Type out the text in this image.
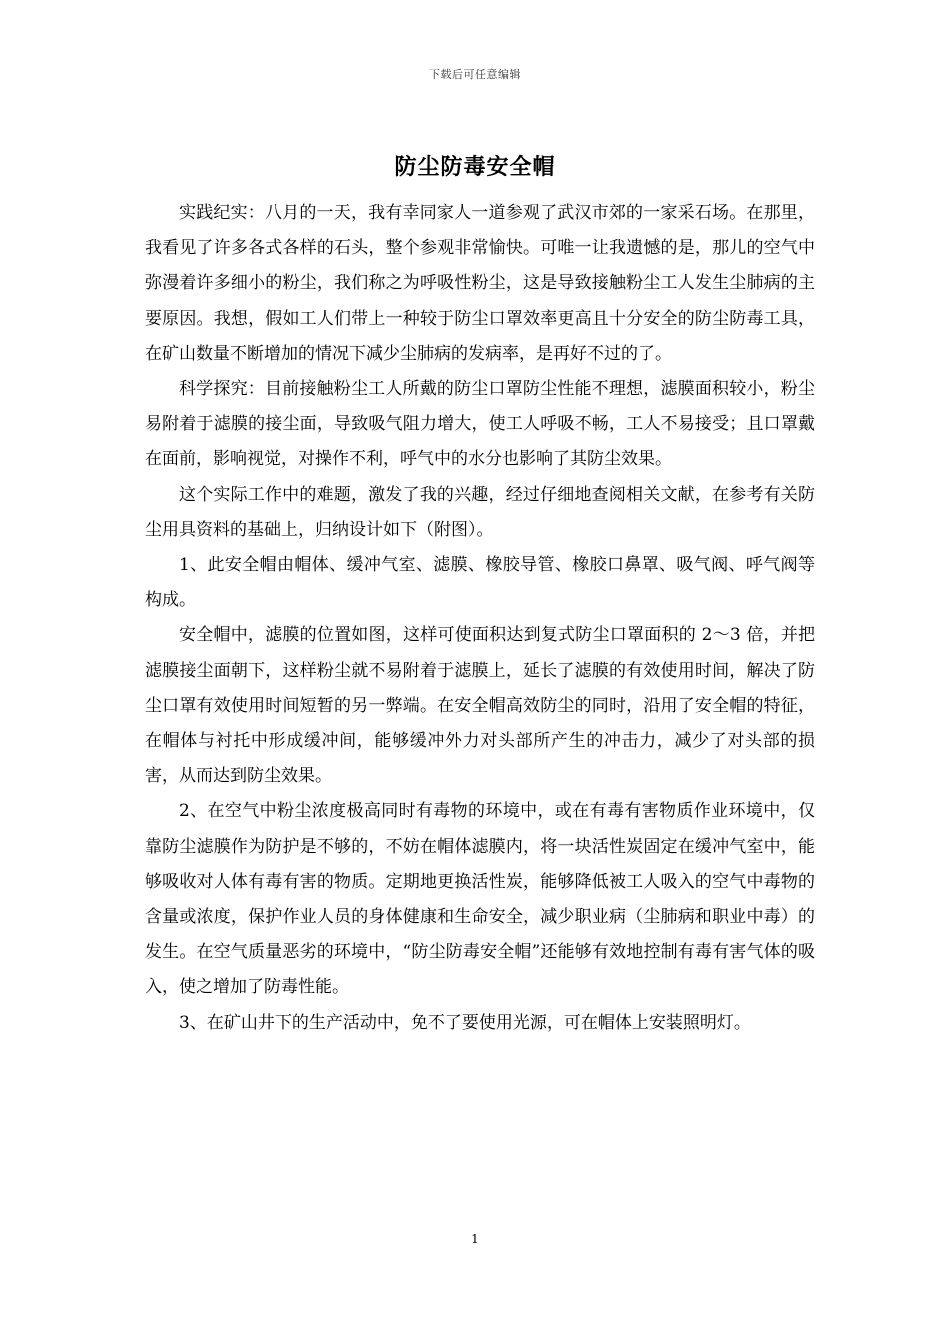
下载后可任意编辑
防尘防毒安全帽

实践纪实：八月的一天，我有幸同家人一道参观了武汉市郊的一家采石场。在那里，我看见了许多各式各样的石头，整个参观非常愉快。可唯一让我遗憾的是，那儿的空气中弥漫着许多细小的粉尘，我们称之为呼吸性粉尘，这是导致接触粉尘工人发生尘肺病的主要原因。我想，假如工人们带上一种较于防尘口罩效率更高且十分安全的防尘防毒工具，在矿山数量不断增加的情况下减少尘肺病的发病率，是再好不过的了。

科学探究：目前接触粉尘工人所戴的防尘口罩防尘性能不理想，滤膜面积较小，粉尘易附着于滤膜的接尘面，导致吸气阻力增大，使工人呼吸不畅，工人不易接受；且口罩戴在面前，影响视觉，对操作不利，呼气中的水分也影响了其防尘效果。

这个实际工作中的难题，激发了我的兴趣，经过仔细地查阅相关文献，在参考有关防尘用具资料的基础上，归纳设计如下（附图）。

1、此安全帽由帽体、缓冲气室、滤膜、橡胶导管、橡胶口鼻罩、吸气阀、呼气阀等构成。

安全帽中，滤膜的位置如图，这样可使面积达到复式防尘口罩面积的 2～3 倍，并把滤膜接尘面朝下，这样粉尘就不易附着于滤膜上，延长了滤膜的有效使用时间，解决了防尘口罩有效使用时间短暂的另一弊端。在安全帽高效防尘的同时，沿用了安全帽的特征，在帽体与衬托中形成缓冲间，能够缓冲外力对头部所产生的冲击力，减少了对头部的损害，从而达到防尘效果。

2、在空气中粉尘浓度极高同时有毒物的环境中，或在有毒有害物质作业环境中，仅靠防尘滤膜作为防护是不够的，不妨在帽体滤膜内，将一块活性炭固定在缓冲气室中，能够吸收对人体有毒有害的物质。定期地更换活性炭，能够降低被工人吸入的空气中毒物的含量或浓度，保护作业人员的身体健康和生命安全，减少职业病（尘肺病和职业中毒）的发生。在空气质量恶劣的环境中，“防尘防毒安全帽”还能够有效地控制有毒有害气体的吸入，使之增加了防毒性能。

3、在矿山井下的生产活动中，免不了要使用光源，可在帽体上安装照明灯。

1
